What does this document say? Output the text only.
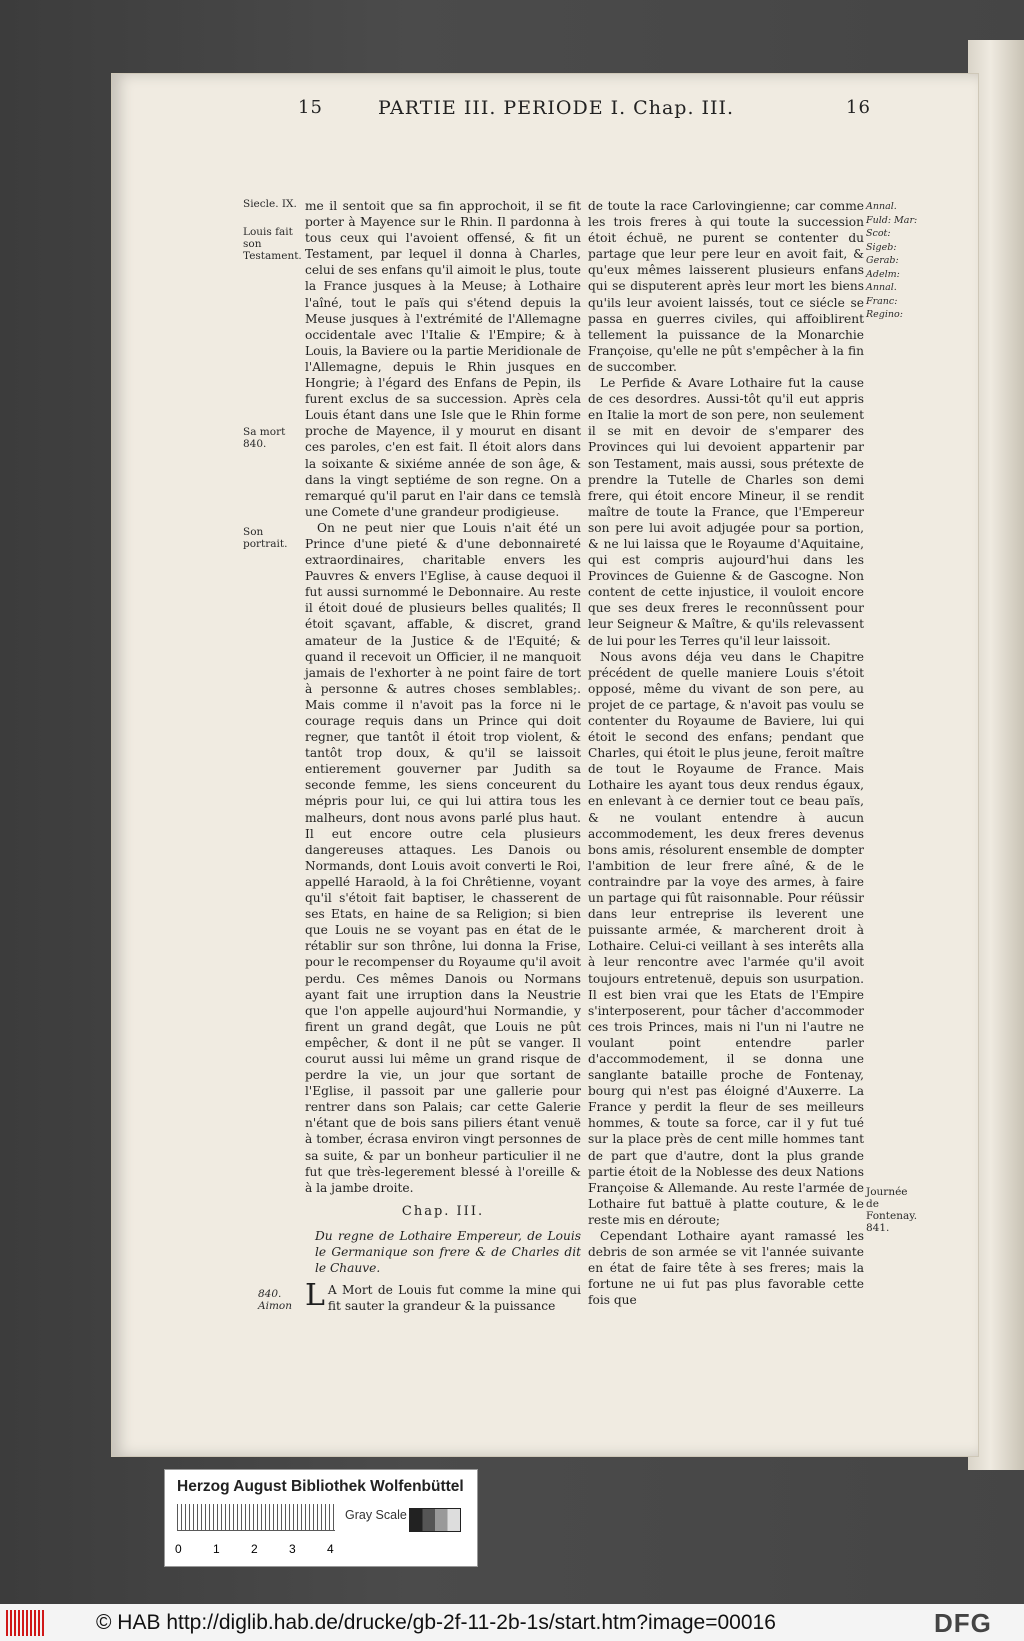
15	PARTIE III. PERIODE I. Chap. III.	16
Siecle. IX.
Louis fait son Testament.
Sa mort 840.
Son portrait.
840. Aimon
Annal. Fuld: Mar: Scot: Sigeb: Gerab: Adelm: Annal. Franc: Regino:
Journée de Fontenay. 841.

me il sentoit que sa fin approchoit, il se fit porter à Mayence sur le Rhin. Il pardonna à tous ceux qui l'avoient offensé, & fit un Testament, par lequel il donna à Charles, celui de ses enfans qu'il aimoit le plus, toute la France jusques à la Meuse; à Lothaire l'aîné, tout le païs qui s'étend depuis la Meuse jusques à l'extrémité de l'Allemagne occidentale avec l'Italie & l'Empire; & à Louis, la Baviere ou la partie Meridionale de l'Allemagne, depuis le Rhin jusques en Hongrie; à l'égard des Enfans de Pepin, ils furent exclus de sa succession. Après cela Louis étant dans une Isle que le Rhin forme proche de Mayence, il y mourut en disant ces paroles, c'en est fait. Il étoit alors dans la soixante & sixiéme année de son âge, & dans la vingt septiéme de son regne. On a remarqué qu'il parut en l'air dans ce temslà une Comete d'une grandeur prodigieuse.

On ne peut nier que Louis n'ait été un Prince d'une pieté & d'une debonnaireté extraordinaires, charitable envers les Pauvres & envers l'Eglise, à cause dequoi il fut aussi surnommé le Debonnaire. Au reste il étoit doué de plusieurs belles qualités; Il étoit sçavant, affable, & discret, grand amateur de la Justice & de l'Equité; & quand il recevoit un Officier, il ne manquoit jamais de l'exhorter à ne point faire de tort à personne & autres choses semblables;. Mais comme il n'avoit pas la force ni le courage requis dans un Prince qui doit regner, que tantôt il étoit trop violent, & tantôt trop doux, & qu'il se laissoit entierement gouverner par Judith sa seconde femme, les siens conceurent du mépris pour lui, ce qui lui attira tous les malheurs, dont nous avons parlé plus haut. Il eut encore outre cela plusieurs dangereuses attaques. Les Danois ou Normands, dont Louis avoit converti le Roi, appellé Haraold, à la foi Chrêtienne, voyant qu'il s'étoit fait baptiser, le chasserent de ses Etats, en haine de sa Religion; si bien que Louis ne se voyant pas en état de le rétablir sur son thrône, lui donna la Frise, pour le recompenser du Royaume qu'il avoit perdu. Ces mêmes Danois ou Normans ayant fait une irruption dans la Neustrie que l'on appelle aujourd'hui Normandie, y firent un grand degât, que Louis ne pût empêcher, & dont il ne pût se vanger. Il courut aussi lui même un grand risque de perdre la vie, un jour que sortant de l'Eglise, il passoit par une gallerie pour rentrer dans son Palais; car cette Galerie n'étant que de bois sans piliers étant venuë à tomber, écrasa environ vingt personnes de sa suite, & par un bonheur particulier il ne fut que très-legerement blessé à l'oreille & à la jambe droite.

Chap. III.
Du regne de Lothaire Empereur, de Louis le Germanique son frere & de Charles dit le Chauve.

L A Mort de Louis fut comme la mine qui fit sauter la grandeur & la puissance

de toute la race Carlovingienne; car comme les trois freres à qui toute la succession étoit échuë, ne purent se contenter du partage que leur pere leur en avoit fait, & qu'eux mêmes laisserent plusieurs enfans qui se disputerent après leur mort les biens qu'ils leur avoient laissés, tout ce siécle se passa en guerres civiles, qui affoiblirent tellement la puissance de la Monarchie Françoise, qu'elle ne pût s'empêcher à la fin de succomber.

Le Perfide & Avare Lothaire fut la cause de ces desordres. Aussi-tôt qu'il eut appris en Italie la mort de son pere, non seulement il se mit en devoir de s'emparer des Provinces qui lui devoient appartenir par son Testament, mais aussi, sous prétexte de prendre la Tutelle de Charles son demi frere, qui étoit encore Mineur, il se rendit maître de toute la France, que l'Empereur son pere lui avoit adjugée pour sa portion, & ne lui laissa que le Royaume d'Aquitaine, qui est compris aujourd'hui dans les Provinces de Guienne & de Gascogne. Non content de cette injustice, il vouloit encore que ses deux freres le reconnûssent pour leur Seigneur & Maître, & qu'ils relevassent de lui pour les Terres qu'il leur laissoit.

Nous avons déja veu dans le Chapitre précédent de quelle maniere Louis s'étoit opposé, même du vivant de son pere, au projet de ce partage, & n'avoit pas voulu se contenter du Royaume de Baviere, lui qui étoit le second des enfans; pendant que Charles, qui étoit le plus jeune, feroit maître de tout le Royaume de France. Mais Lothaire les ayant tous deux rendus égaux, en enlevant à ce dernier tout ce beau païs, & ne voulant entendre à aucun accommodement, les deux freres devenus bons amis, résolurent ensemble de dompter l'ambition de leur frere aîné, & de le contraindre par la voye des armes, à faire un partage qui fût raisonnable. Pour réüssir dans leur entreprise ils leverent une puissante armée, & marcherent droit à Lothaire. Celui-ci veillant à ses interêts alla à leur rencontre avec l'armée qu'il avoit toujours entretenuë, depuis son usurpation. Il est bien vrai que les Etats de l'Empire s'interposerent, pour tâcher d'accommoder ces trois Princes, mais ni l'un ni l'autre ne voulant point entendre parler d'accommodement, il se donna une sanglante bataille proche de Fontenay, bourg qui n'est pas éloigné d'Auxerre. La France y perdit la fleur de ses meilleurs hommes, & toute sa force, car il y fut tué sur la place près de cent mille hommes tant de part que d'autre, dont la plus grande partie étoit de la Noblesse des deux Nations Françoise & Allemande. Au reste l'armée de Lothaire fut battuë à platte couture, & le reste mis en déroute;

Cependant Lothaire ayant ramassé les debris de son armée se vit l'année suivante en état de faire tête à ses freres; mais la fortune ne ui fut pas plus favorable cette fois que

Herzog August Bibliothek Wolfenbüttel
0	1	2	3	4
Gray Scale
© HAB http://diglib.hab.de/drucke/gb-2f-11-2b-1s/start.htm?image=00016	DFG
